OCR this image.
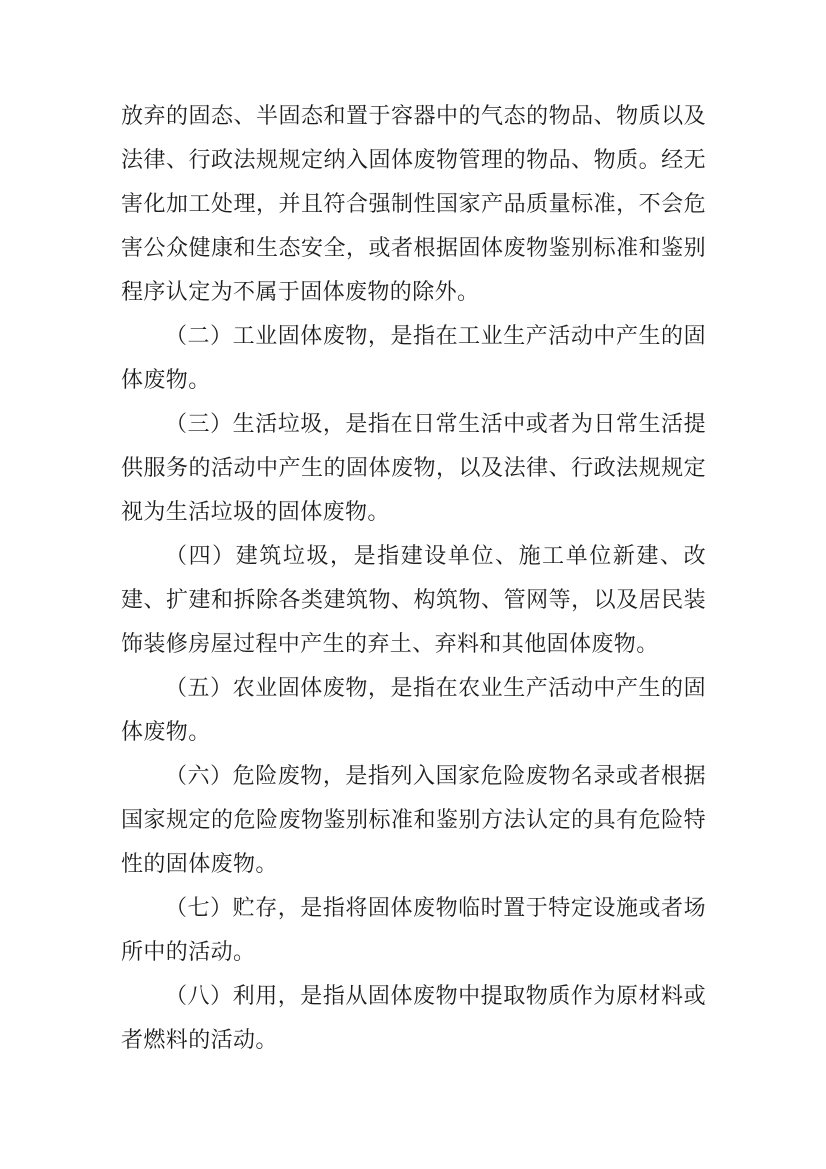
放弃的固态、半固态和置于容器中的气态的物品、物质以及法律、行政法规规定纳入固体废物管理的物品、物质。经无害化加工处理，并且符合强制性国家产品质量标准，不会危害公众健康和生态安全，或者根据固体废物鉴别标准和鉴别程序认定为不属于固体废物的除外。

（二）工业固体废物，是指在工业生产活动中产生的固体废物。

（三）生活垃圾，是指在日常生活中或者为日常生活提供服务的活动中产生的固体废物，以及法律、行政法规规定视为生活垃圾的固体废物。

（四）建筑垃圾，是指建设单位、施工单位新建、改建、扩建和拆除各类建筑物、构筑物、管网等，以及居民装饰装修房屋过程中产生的弃土、弃料和其他固体废物。

（五）农业固体废物，是指在农业生产活动中产生的固体废物。

（六）危险废物，是指列入国家危险废物名录或者根据国家规定的危险废物鉴别标准和鉴别方法认定的具有危险特性的固体废物。

（七）贮存，是指将固体废物临时置于特定设施或者场所中的活动。

（八）利用，是指从固体废物中提取物质作为原材料或者燃料的活动。
